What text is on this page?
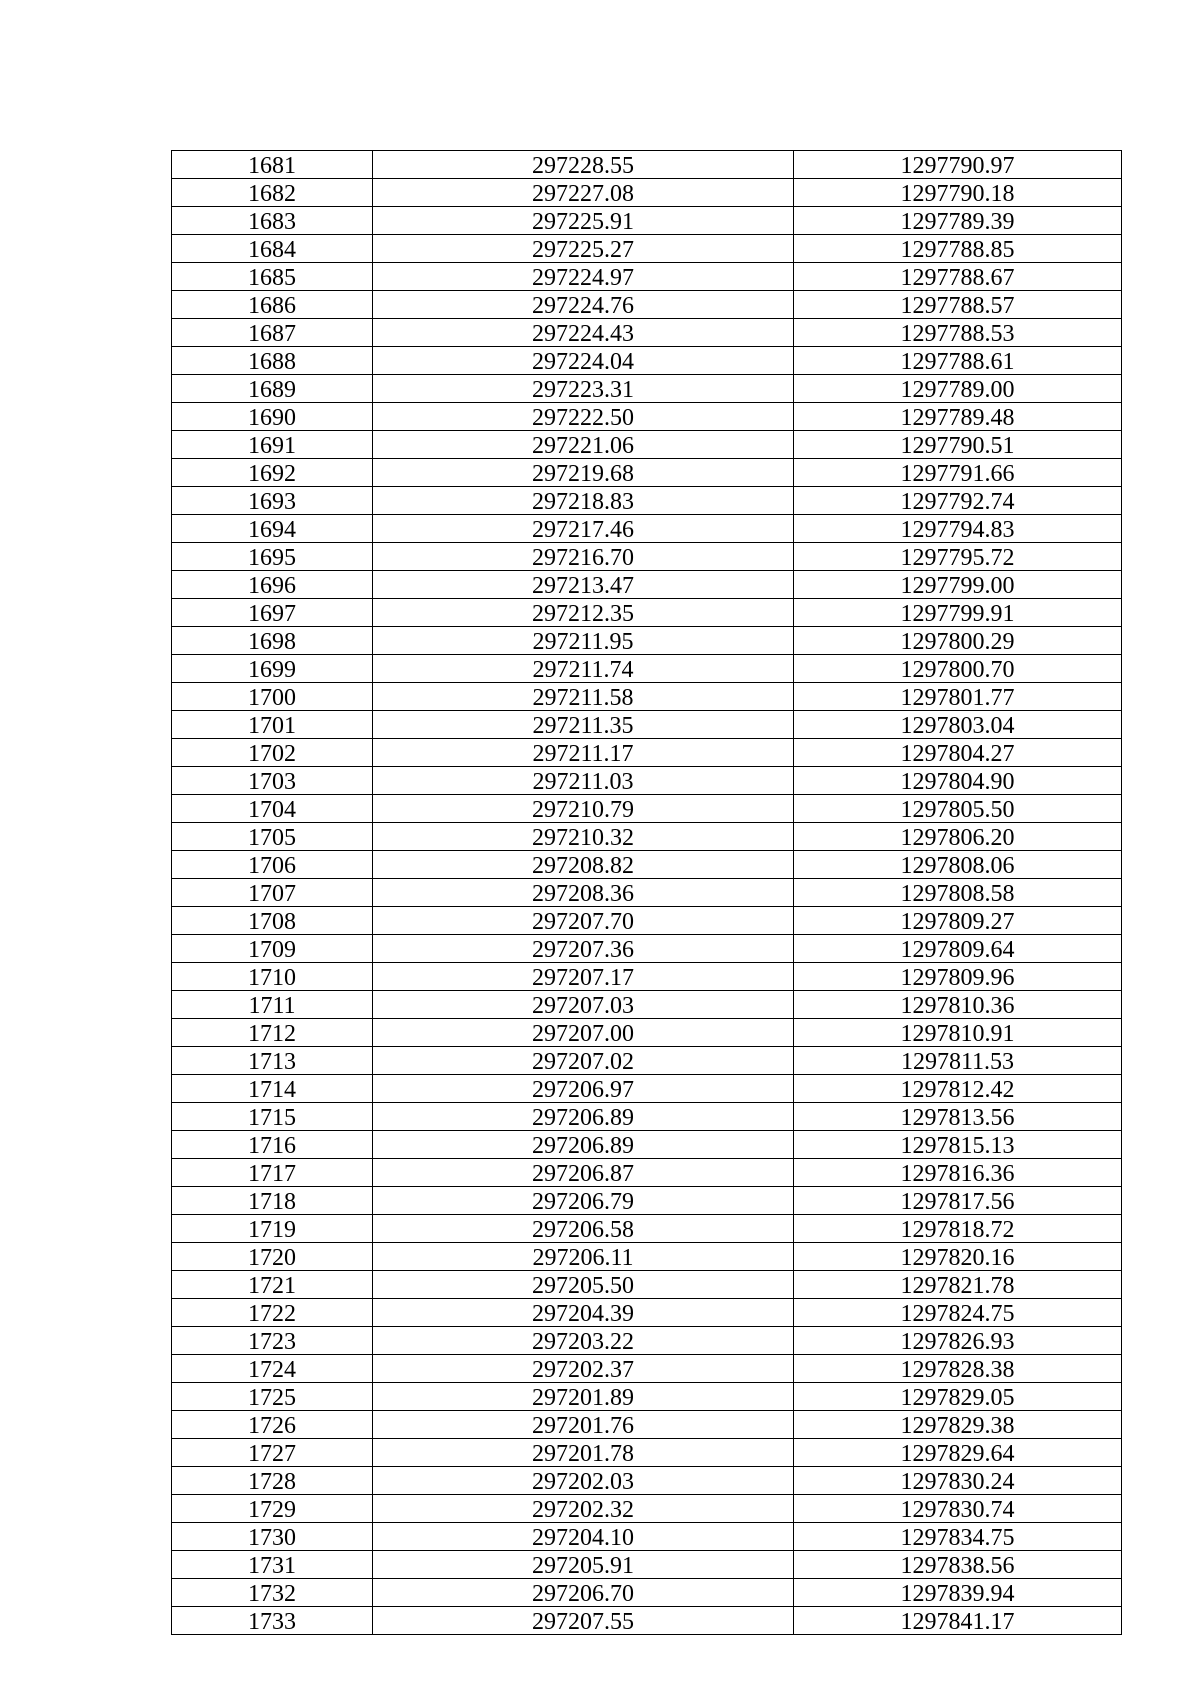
1681	297228.55	1297790.97
1682	297227.08	1297790.18
1683	297225.91	1297789.39
1684	297225.27	1297788.85
1685	297224.97	1297788.67
1686	297224.76	1297788.57
1687	297224.43	1297788.53
1688	297224.04	1297788.61
1689	297223.31	1297789.00
1690	297222.50	1297789.48
1691	297221.06	1297790.51
1692	297219.68	1297791.66
1693	297218.83	1297792.74
1694	297217.46	1297794.83
1695	297216.70	1297795.72
1696	297213.47	1297799.00
1697	297212.35	1297799.91
1698	297211.95	1297800.29
1699	297211.74	1297800.70
1700	297211.58	1297801.77
1701	297211.35	1297803.04
1702	297211.17	1297804.27
1703	297211.03	1297804.90
1704	297210.79	1297805.50
1705	297210.32	1297806.20
1706	297208.82	1297808.06
1707	297208.36	1297808.58
1708	297207.70	1297809.27
1709	297207.36	1297809.64
1710	297207.17	1297809.96
1711	297207.03	1297810.36
1712	297207.00	1297810.91
1713	297207.02	1297811.53
1714	297206.97	1297812.42
1715	297206.89	1297813.56
1716	297206.89	1297815.13
1717	297206.87	1297816.36
1718	297206.79	1297817.56
1719	297206.58	1297818.72
1720	297206.11	1297820.16
1721	297205.50	1297821.78
1722	297204.39	1297824.75
1723	297203.22	1297826.93
1724	297202.37	1297828.38
1725	297201.89	1297829.05
1726	297201.76	1297829.38
1727	297201.78	1297829.64
1728	297202.03	1297830.24
1729	297202.32	1297830.74
1730	297204.10	1297834.75
1731	297205.91	1297838.56
1732	297206.70	1297839.94
1733	297207.55	1297841.17
